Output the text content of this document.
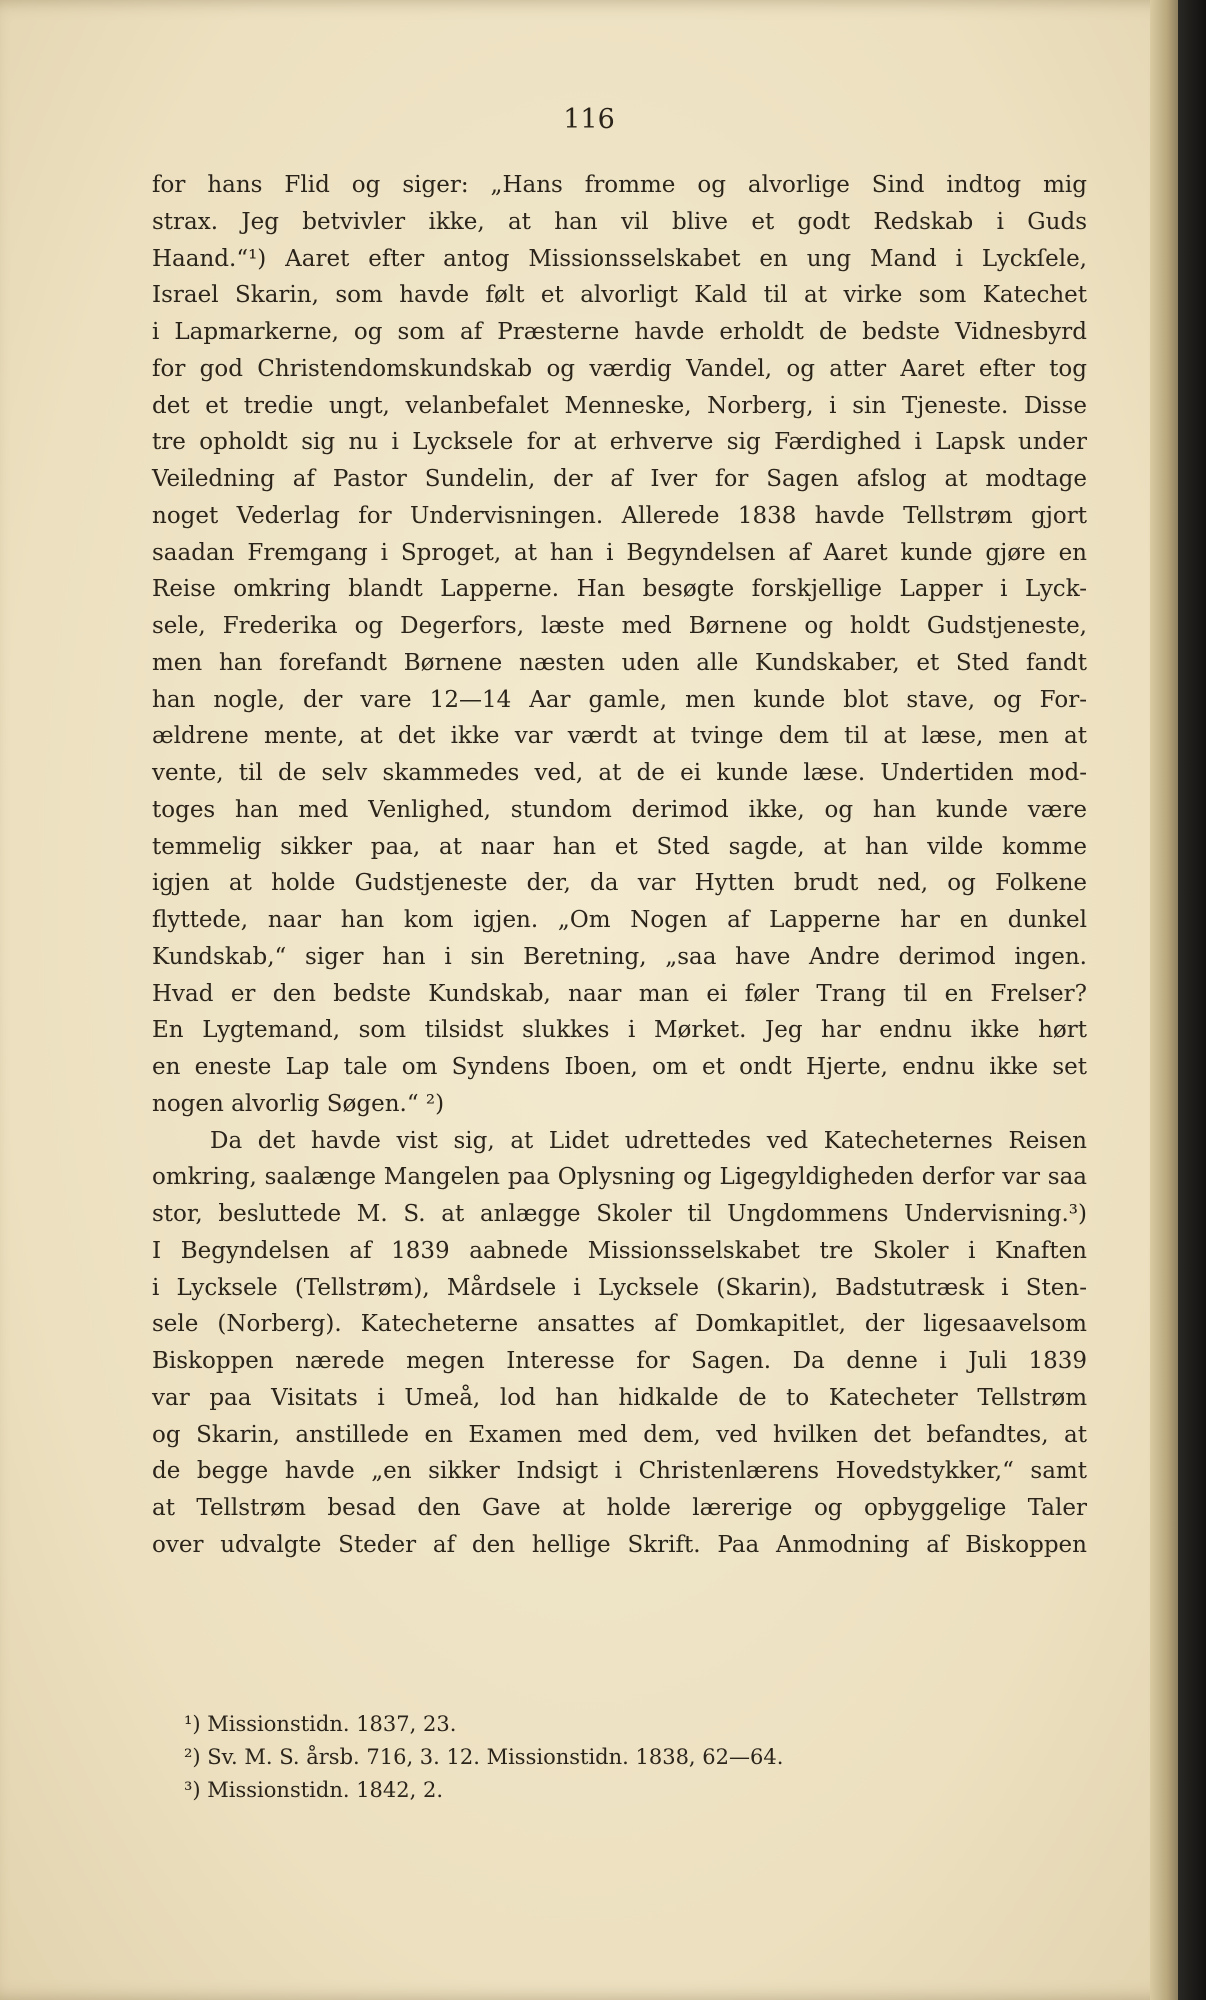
116
for hans Flid og siger: „Hans fromme og alvorlige Sind indtog mig
strax. Jeg betvivler ikke, at han vil blive et godt Redskab i Guds
Haand.“¹) Aaret efter antog Missionsselskabet en ung Mand i Lyckſele,
Israel Skarin, som havde følt et alvorligt Kald til at virke som Katechet
i Lapmarkerne, og som af Præsterne havde erholdt de bedste Vidnesbyrd
for god Christendomskundskab og værdig Vandel, og atter Aaret efter tog
det et tredie ungt, velanbefalet Menneske, Norberg, i sin Tjeneste. Disse
tre opholdt sig nu i Lycksele for at erhverve sig Færdighed i Lapsk under
Veiledning af Pastor Sundelin, der af Iver for Sagen afslog at modtage
noget Vederlag for Undervisningen. Allerede 1838 havde Tellstrøm gjort
saadan Fremgang i Sproget, at han i Begyndelsen af Aaret kunde gjøre en
Reise omkring blandt Lapperne. Han besøgte forskjellige Lapper i Lyck-
sele, Frederika og Degerfors, læste med Børnene og holdt Gudstjeneste,
men han forefandt Børnene næsten uden alle Kundskaber, et Sted fandt
han nogle, der vare 12—14 Aar gamle, men kunde blot stave, og For-
ældrene mente, at det ikke var værdt at tvinge dem til at læse, men at
vente, til de selv skammedes ved, at de ei kunde læse. Undertiden mod-
toges han med Venlighed, stundom derimod ikke, og han kunde være
temmelig sikker paa, at naar han et Sted sagde, at han vilde komme
igjen at holde Gudstjeneste der, da var Hytten brudt ned, og Folkene
flyttede, naar han kom igjen. „Om Nogen af Lapperne har en dunkel
Kundskab,“ siger han i sin Beretning, „saa have Andre derimod ingen.
Hvad er den bedste Kundskab, naar man ei føler Trang til en Frelser?
En Lygtemand, som tilsidst slukkes i Mørket. Jeg har endnu ikke hørt
en eneste Lap tale om Syndens Iboen, om et ondt Hjerte, endnu ikke set
nogen alvorlig Søgen.“ ²)
Da det havde vist sig, at Lidet udrettedes ved Katecheternes Reisen
omkring, saalænge Mangelen paa Oplysning og Ligegyldigheden derfor var saa
stor, besluttede M. S. at anlægge Skoler til Ungdommens Undervisning.³)
I Begyndelsen af 1839 aabnede Missionsselskabet tre Skoler i Knaften
i Lycksele (Tellstrøm), Mårdsele i Lycksele (Skarin), Badstutræsk i Sten-
sele (Norberg). Katecheterne ansattes af Domkapitlet, der ligesaavelsom
Biskoppen nærede megen Interesse for Sagen. Da denne i Juli 1839
var paa Visitats i Umeå, lod han hidkalde de to Katecheter Tellstrøm
og Skarin, anstillede en Examen med dem, ved hvilken det befandtes, at
de begge havde „en sikker Indsigt i Christenlærens Hovedstykker,“ samt
at Tellstrøm besad den Gave at holde lærerige og opbyggelige Taler
over udvalgte Steder af den hellige Skrift. Paa Anmodning af Biskoppen
¹) Missionstidn. 1837, 23.
²) Sv. M. S. årsb. 716, 3. 12. Missionstidn. 1838, 62—64.
³) Missionstidn. 1842, 2.
